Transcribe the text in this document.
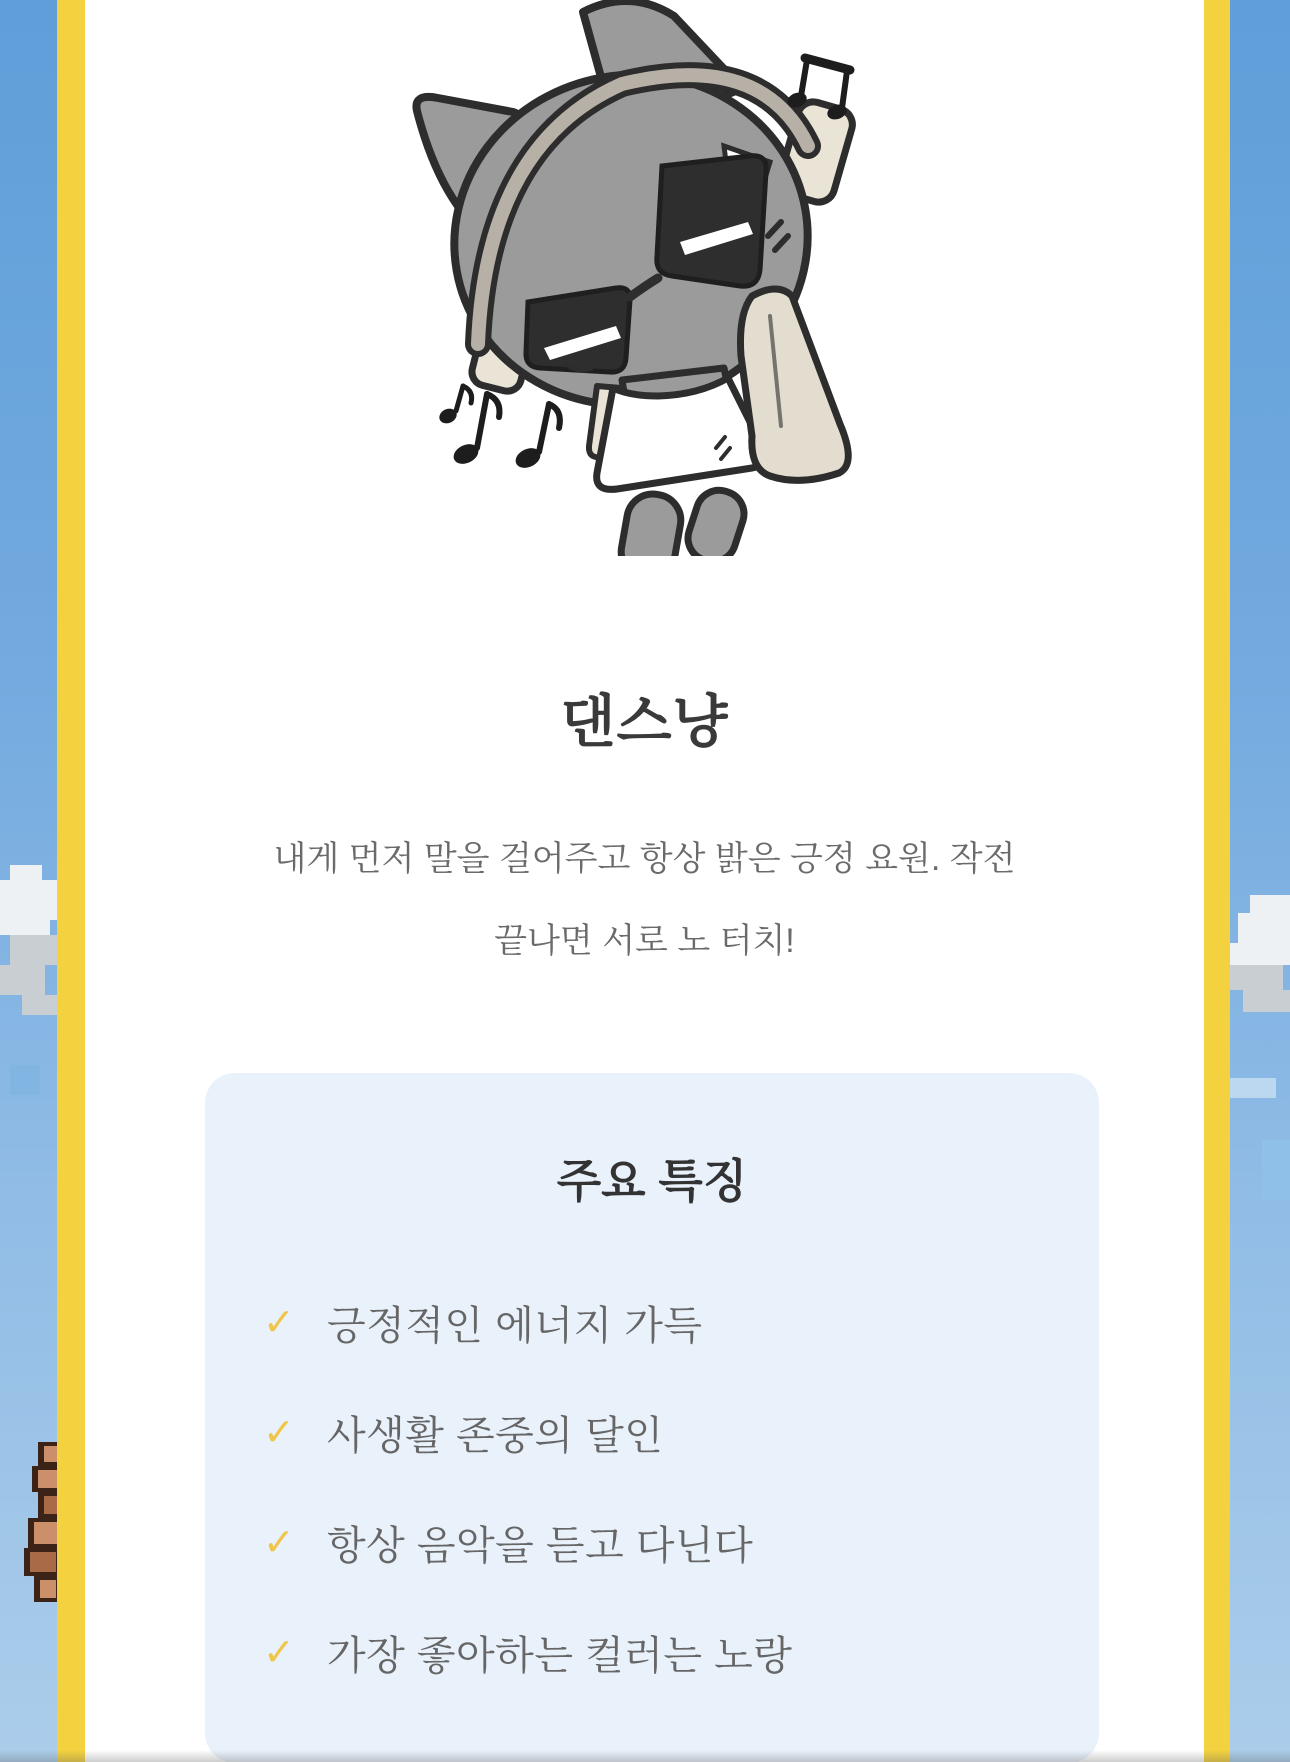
댄스냥
내게 먼저 말을 걸어주고 항상 밝은 긍정 요원. 작전
끝나면 서로 노 터치!
주요 특징
✓ 긍정적인 에너지 가득
✓ 사생활 존중의 달인
✓ 항상 음악을 듣고 다닌다
✓ 가장 좋아하는 컬러는 노랑
